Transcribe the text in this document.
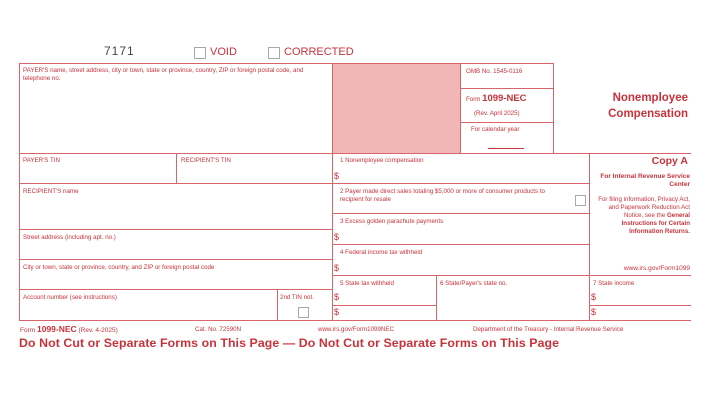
7171	VOID	CORRECTED
PAYER'S name, street address, city or town, state or province, country, ZIP or foreign postal code, and telephone no.
OMB No. 1545-0116
Form 1099-NEC
(Rev. April 2025)
For calendar year
Nonemployee
Compensation
PAYER'S TIN	RECIPIENT'S TIN
RECIPIENT'S name
Street address (including apt. no.)
City or town, state or province, country, and ZIP or foreign postal code
Account number (see instructions)	2nd TIN not.
1 Nonemployee compensation
$
2 Payer made direct sales totaling $5,000 or more of consumer products to recipient for resale
3 Excess golden parachute payments
$
4 Federal income tax withheld
$
5 State tax withheld
$
$
6 State/Payer's state no.	7 State income
$
$
Copy A
For Internal Revenue Service Center
For filing information, Privacy Act, and Paperwork Reduction Act Notice, see the General Instructions for Certain Information Returns.
www.irs.gov/Form1099
Form 1099-NEC (Rev. 4-2025)	Cat. No. 72590N	www.irs.gov/Form1099NEC	Department of the Treasury - Internal Revenue Service
Do Not Cut or Separate Forms on This Page — Do Not Cut or Separate Forms on This Page
